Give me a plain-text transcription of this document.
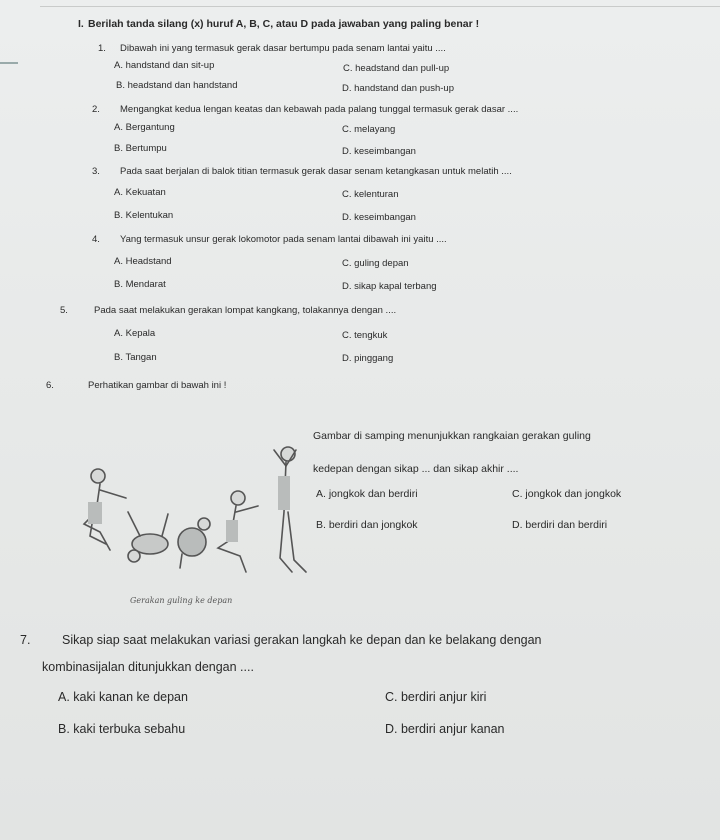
I. Berilah tanda silang (x) huruf A, B, C, atau D pada jawaban yang paling benar !
1. Dibawah ini yang termasuk gerak dasar bertumpu pada senam lantai yaitu ....
A. handstand dan sit-up	C. headstand dan pull-up
B. headstand dan handstand	D. handstand dan push-up
2. Mengangkat kedua lengan keatas dan kebawah pada palang tunggal termasuk gerak dasar ....
A. Bergantung	C. melayang
B. Bertumpu	D. keseimbangan
3. Pada saat berjalan di balok titian termasuk gerak dasar senam ketangkasan untuk melatih ....
A. Kekuatan	C. kelenturan
B. Kelentukan	D. keseimbangan
4. Yang termasuk unsur gerak lokomotor pada senam lantai dibawah ini yaitu ....
A. Headstand	C. guling depan
B. Mendarat	D. sikap kapal terbang
5.	Pada saat melakukan gerakan lompat kangkang, tolakannya dengan ....
A. Kepala	C. tengkuk
B. Tangan	D. pinggang
6.	Perhatikan gambar di bawah ini !
Gerakan guling ke depan
Gambar di samping menunjukkan rangkaian gerakan guling
kedepan dengan sikap ... dan sikap akhir ....
A. jongkok dan berdiri	C. jongkok dan jongkok
B. berdiri dan jongkok	D. berdiri dan berdiri
7.	Sikap siap saat melakukan variasi gerakan langkah ke depan dan ke belakang dengan
kombinasijalan ditunjukkan dengan ....
A. kaki kanan ke depan	C. berdiri anjur kiri
B. kaki terbuka sebahu	D. berdiri anjur kanan
